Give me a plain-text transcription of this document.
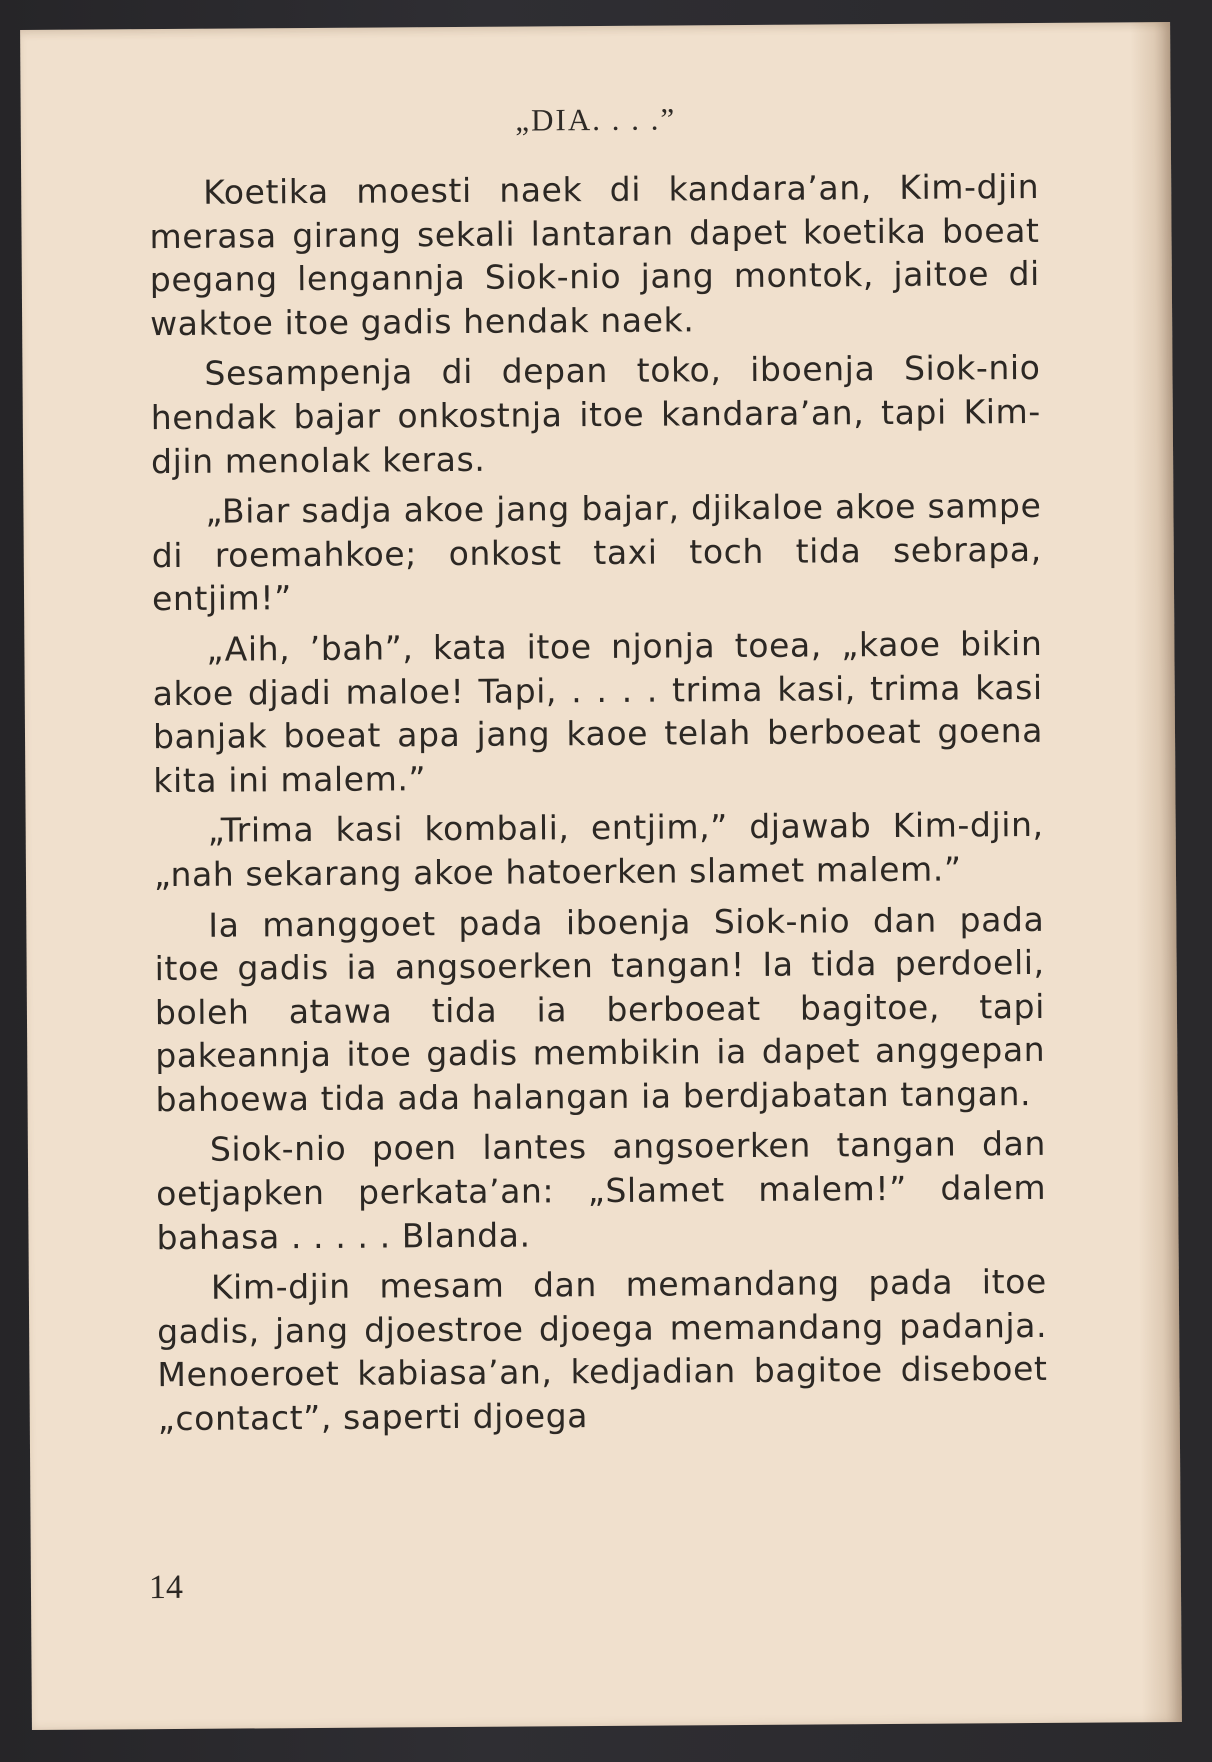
„DIA. . . .”

Koetika moesti naek di kandara’an, Kim-djin merasa girang sekali lantaran dapet koetika boeat pegang lengannja Siok-nio jang montok, jaitoe di waktoe itoe gadis hendak naek.

Sesampenja di depan toko, iboenja Siok-nio hendak bajar onkostnja itoe kandara’an, tapi Kim-djin menolak keras.

„Biar sadja akoe jang bajar, djikaloe akoe sampe di roemahkoe; onkost taxi toch tida sebrapa, entjim!”

„Aih, ’bah”, kata itoe njonja toea, „kaoe bikin akoe djadi maloe! Tapi, . . . . trima kasi, trima kasi banjak boeat apa jang kaoe telah berboeat goena kita ini malem.”

„Trima kasi kombali, entjim,” djawab Kim-djin, „nah sekarang akoe hatoerken slamet malem.”

Ia manggoet pada iboenja Siok-nio dan pada itoe gadis ia angsoerken tangan! Ia tida perdoeli, boleh atawa tida ia berboeat bagitoe, tapi pakeannja itoe gadis membikin ia dapet anggepan bahoewa tida ada halangan ia berdjabatan tangan.

Siok-nio poen lantes angsoerken tangan dan oetjapken perkata’an: „Slamet malem!” dalem bahasa . . . . . Blanda.

Kim-djin mesam dan memandang pada itoe gadis, jang djoestroe djoega memandang padanja. Menoeroet kabiasa’an, kedjadian bagitoe diseboet „contact”, saperti djoega

14
